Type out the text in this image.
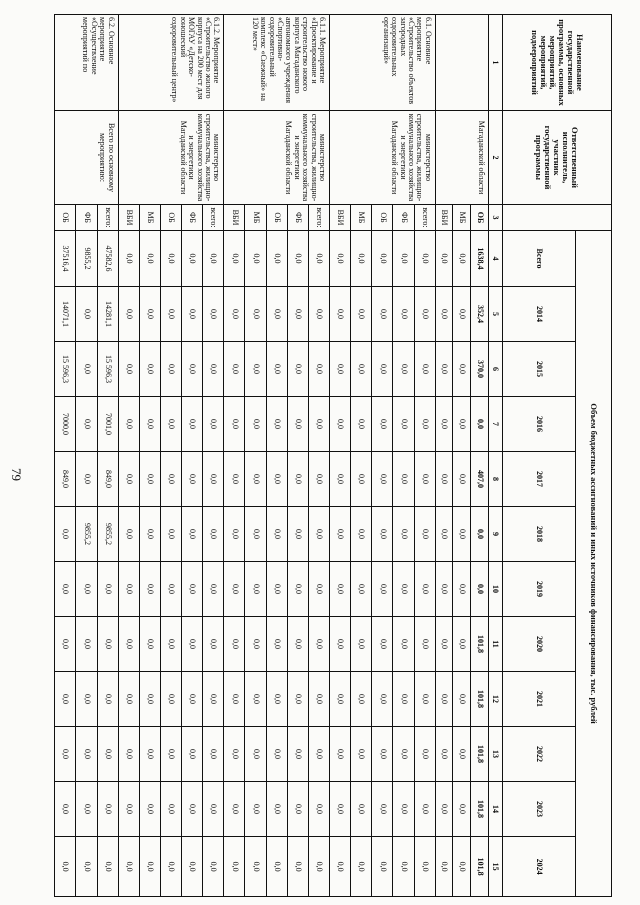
79
Наименование государственной программы, основных мероприятий, мероприятий, подмероприятий	Ответственный исполнитель, участник государственной программы		Объем бюджетных ассигнований и иных источников финансирования, тыс. рублей											
			Всего	2014	2015	2016	2017	2018	2019	2020	2021	2022	2023	2024
1	2	3	4	5	6	7	8	9	10	11	12	13	14	15
	Магаданской области	ОБ	1638,4	352,4	370,0	0,0	407,0	0,0	0,0	101,8	101,8	101,8	101,8	101,8
		МБ	0,0	0,0	0,0	0,0	0,0	0,0	0,0	0,0	0,0	0,0	0,0	0,0
		ВБИ	0,0	0,0	0,0	0,0	0,0	0,0	0,0	0,0	0,0	0,0	0,0	0,0
6.1. Основное мероприятие «Строительство объектов загородных оздоровительных организаций»	министерство строительства, жилищно-коммунального хозяйства и энергетики Магаданской области	всего:	0,0	0,0	0,0	0,0	0,0	0,0	0,0	0,0	0,0	0,0	0,0	0,0
		ФБ	0,0	0,0	0,0	0,0	0,0	0,0	0,0	0,0	0,0	0,0	0,0	0,0
		ОБ	0,0	0,0	0,0	0,0	0,0	0,0	0,0	0,0	0,0	0,0	0,0	0,0
		МБ	0,0	0,0	0,0	0,0	0,0	0,0	0,0	0,0	0,0	0,0	0,0	0,0
		ВБИ	0,0	0,0	0,0	0,0	0,0	0,0	0,0	0,0	0,0	0,0	0,0	0,0
6.1.1. Мероприятие «Проектирование и строительство нового корпуса Магаданского автономного учреждения «Спортивно-оздоровительный комплекс «Снежный» на 120 мест»	министерство строительства, жилищно-коммунального хозяйства и энергетики Магаданской области	всего:	0,0	0,0	0,0	0,0	0,0	0,0	0,0	0,0	0,0	0,0	0,0	0,0
		ФБ	0,0	0,0	0,0	0,0	0,0	0,0	0,0	0,0	0,0	0,0	0,0	0,0
		ОБ	0,0	0,0	0,0	0,0	0,0	0,0	0,0	0,0	0,0	0,0	0,0	0,0
		МБ	0,0	0,0	0,0	0,0	0,0	0,0	0,0	0,0	0,0	0,0	0,0	0,0
		ВБИ	0,0	0,0	0,0	0,0	0,0	0,0	0,0	0,0	0,0	0,0	0,0	0,0
6.1.2. Мероприятие «Строительство жилого корпуса на 200 мест для МОГАУ «Детско-юношеский оздоровительный центр»	министерство строительства, жилищно-коммунального хозяйства и энергетики Магаданской области	всего:	0,0	0,0	0,0	0,0	0,0	0,0	0,0	0,0	0,0	0,0	0,0	0,0
		ФБ	0,0	0,0	0,0	0,0	0,0	0,0	0,0	0,0	0,0	0,0	0,0	0,0
		ОБ	0,0	0,0	0,0	0,0	0,0	0,0	0,0	0,0	0,0	0,0	0,0	0,0
		МБ	0,0	0,0	0,0	0,0	0,0	0,0	0,0	0,0	0,0	0,0	0,0	0,0
		ВБИ	0,0	0,0	0,0	0,0	0,0	0,0	0,0	0,0	0,0	0,0	0,0	0,0
6.2. Основное мероприятие «Осуществление мероприятий по	Всего по основному мероприятию:	всего:	47582,6	14281,1	15 596,3	7001,0	849,0	9855,2	0,0	0,0	0,0	0,0	0,0	0,0
		ФБ	9855,2	0,0	0,0	0,0	0,0	9855,2	0,0	0,0	0,0	0,0	0,0	0,0
		ОБ	37516,4	14071,1	15 596,3	7000,0	849,0	0,0	0,0	0,0	0,0	0,0	0,0	0,0
